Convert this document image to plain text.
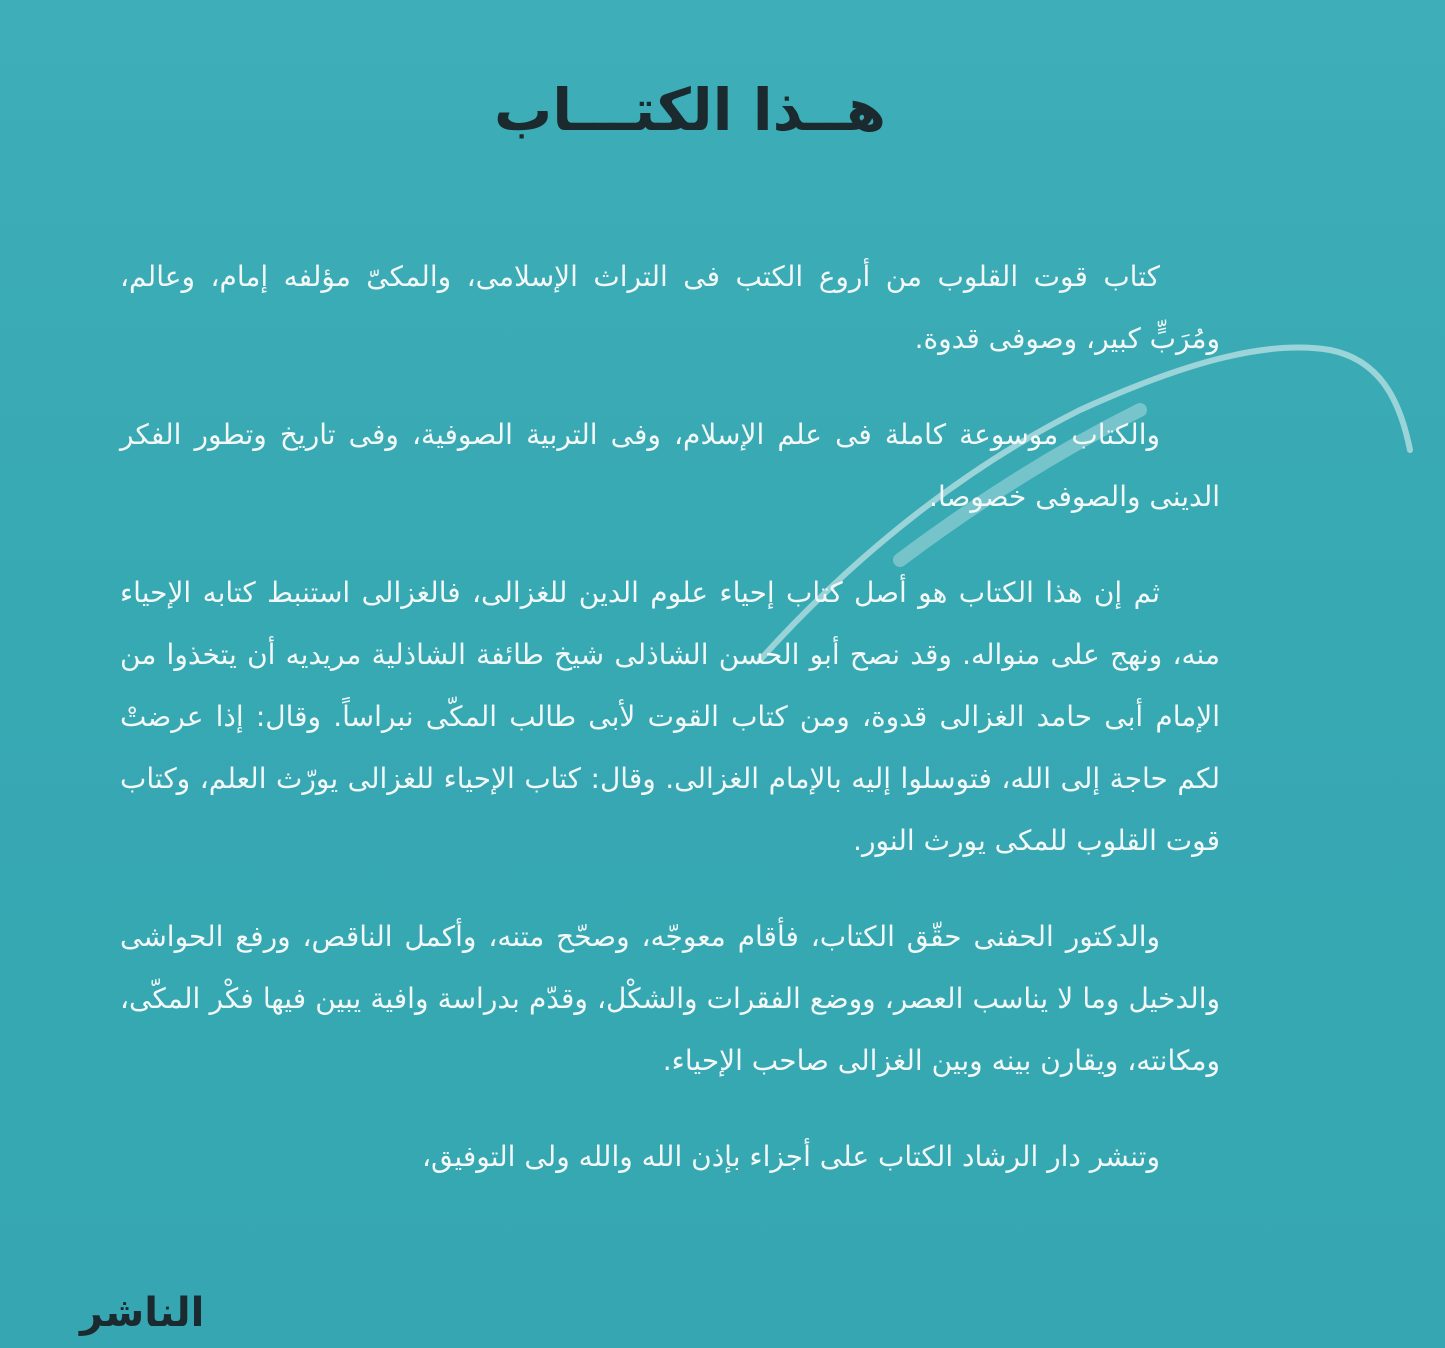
هــذا الكتـــاب

كتاب قوت القلوب من أروع الكتب فى التراث الإسلامى، والمكىّ مؤلفه إمام، وعالم، ومُرَبٍّ كبير، وصوفى قدوة.

والكتاب موسوعة كاملة فى علم الإسلام، وفى التربية الصوفية، وفى تاريخ وتطور الفكر الدينى والصوفى خصوصا.

ثم إن هذا الكتاب هو أصل كتاب إحياء علوم الدين للغزالى، فالغزالى استنبط كتابه الإحياء منه، ونهج على منواله. وقد نصح أبو الحسن الشاذلى شيخ طائفة الشاذلية مريديه أن يتخذوا من الإمام أبى حامد الغزالى قدوة، ومن كتاب القوت لأبى طالب المكّى نبراساً. وقال: إذا عرضتْ لكم حاجة إلى الله، فتوسلوا إليه بالإمام الغزالى. وقال: كتاب الإحياء للغزالى يورّث العلم، وكتاب قوت القلوب للمكى يورث النور.

والدكتور الحفنى حقّق الكتاب، فأقام معوجّه، وصحّح متنه، وأكمل الناقص، ورفع الحواشى والدخيل وما لا يناسب العصر، ووضع الفقرات والشكْل، وقدّم بدراسة وافية يبين فيها فكْر المكّى، ومكانته، ويقارن بينه وبين الغزالى صاحب الإحياء.

وتنشر دار الرشاد الكتاب على أجزاء بإذن الله والله ولى التوفيق،

الناشر
